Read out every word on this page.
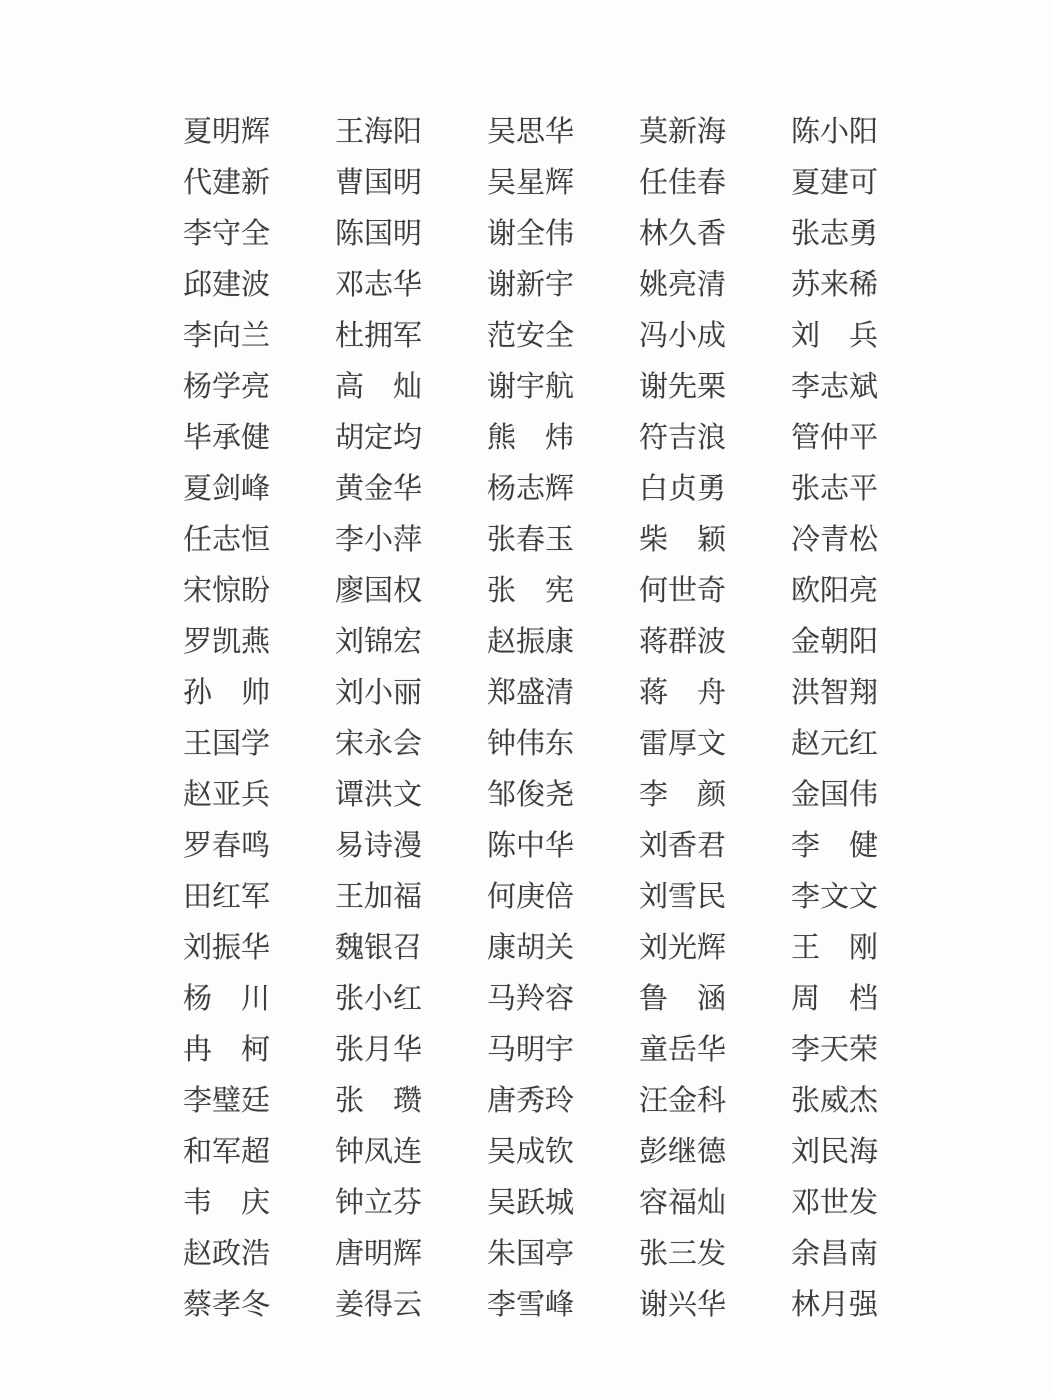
夏明辉 王海阳 吴思华 莫新海 陈小阳
代建新 曹国明 吴星辉 任佳春 夏建可
李守全 陈国明 谢全伟 林久香 张志勇
邱建波 邓志华 谢新宇 姚亮清 苏来稀
李向兰 杜拥军 范安全 冯小成 刘　兵
杨学亮 高　灿 谢宇航 谢先栗 李志斌
毕承健 胡定均 熊　炜 符吉浪 管仲平
夏剑峰 黄金华 杨志辉 白贞勇 张志平
任志恒 李小萍 张春玉 柴　颖 冷青松
宋惊盼 廖国权 张　宪 何世奇 欧阳亮
罗凯燕 刘锦宏 赵振康 蒋群波 金朝阳
孙　帅 刘小丽 郑盛清 蒋　舟 洪智翔
王国学 宋永会 钟伟东 雷厚文 赵元红
赵亚兵 谭洪文 邹俊尧 李　颜 金国伟
罗春鸣 易诗漫 陈中华 刘香君 李　健
田红军 王加福 何庚倍 刘雪民 李文文
刘振华 魏银召 康胡关 刘光辉 王　刚
杨　川 张小红 马羚容 鲁　涵 周　档
冉　柯 张月华 马明宇 童岳华 李天荣
李璧廷 张　瓒 唐秀玲 汪金科 张威杰
和军超 钟凤连 吴成钦 彭继德 刘民海
韦　庆 钟立芬 吴跃城 容福灿 邓世发
赵政浩 唐明辉 朱国亭 张三发 余昌南
蔡孝冬 姜得云 李雪峰 谢兴华 林月强
